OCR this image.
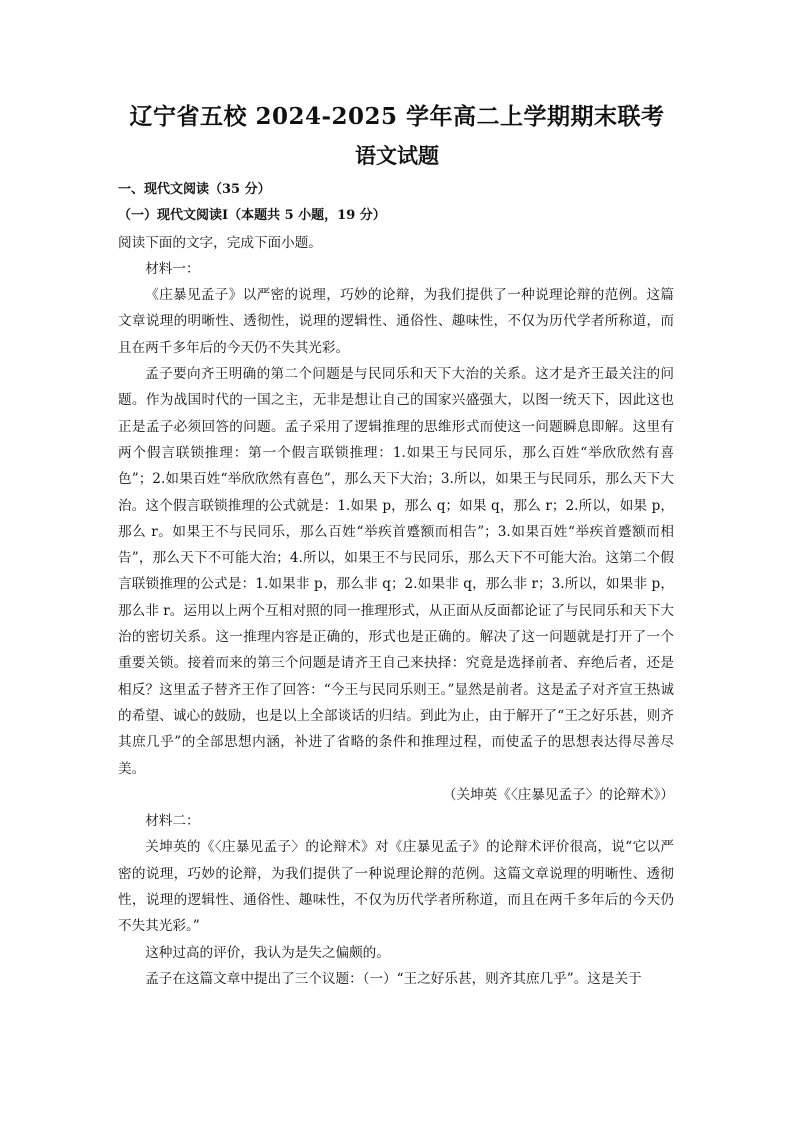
辽宁省五校 2024-2025 学年高二上学期期末联考
语文试题

一、现代文阅读（35 分）

（一）现代文阅读Ⅰ（本题共 5 小题，19 分）

阅读下面的文字，完成下面小题。

材料一：

《庄暴见孟子》以严密的说理，巧妙的论辩，为我们提供了一种说理论辩的范例。这篇文章说理的明晰性、透彻性，说理的逻辑性、通俗性、趣味性，不仅为历代学者所称道，而且在两千多年后的今天仍不失其光彩。

孟子要向齐王明确的第二个问题是与民同乐和天下大治的关系。这才是齐王最关注的问题。作为战国时代的一国之主，无非是想让自己的国家兴盛强大，以图一统天下，因此这也正是孟子必须回答的问题。孟子采用了逻辑推理的思维形式而使这一问题瞬息即解。这里有两个假言联锁推理：第一个假言联锁推理：1.如果王与民同乐，那么百姓“举欣欣然有喜色”；2.如果百姓“举欣欣然有喜色”，那么天下大治；3.所以，如果王与民同乐，那么天下大治。这个假言联锁推理的公式就是：1.如果 p，那么 q；如果 q，那么 r；2.所以，如果 p，那么 r。如果王不与民同乐，那么百姓“举疾首蹙额而相告”；3.如果百姓“举疾首蹙额而相告”，那么天下不可能大治；4.所以，如果王不与民同乐，那么天下不可能大治。这第二个假言联锁推理的公式是：1.如果非 p，那么非 q；2.如果非 q，那么非 r；3.所以，如果非 p，那么非 r。运用以上两个互相对照的同一推理形式，从正面从反面都论证了与民同乐和天下大治的密切关系。这一推理内容是正确的，形式也是正确的。解决了这一问题就是打开了一个重要关锁。接着而来的第三个问题是请齐王自己来抉择：究竟是选择前者、弃绝后者，还是相反？这里孟子替齐王作了回答：“今王与民同乐则王。”显然是前者。这是孟子对齐宣王热诚的希望、诚心的鼓励，也是以上全部谈话的归结。到此为止，由于解开了“王之好乐甚，则齐其庶几乎”的全部思想内涵，补进了省略的条件和推理过程，而使孟子的思想表达得尽善尽美。

（关坤英《〈庄暴见孟子〉的论辩术》）

材料二：

关坤英的《〈庄暴见孟子〉的论辩术》对《庄暴见孟子》的论辩术评价很高，说“它以严密的说理，巧妙的论辩，为我们提供了一种说理论辩的范例。这篇文章说理的明晰性、透彻性，说理的逻辑性、通俗性、趣味性，不仅为历代学者所称道，而且在两千多年后的今天仍不失其光彩。”

这种过高的评价，我认为是失之偏颇的。

孟子在这篇文章中提出了三个议题：（一）“王之好乐甚，则齐其庶几乎”。这是关于
